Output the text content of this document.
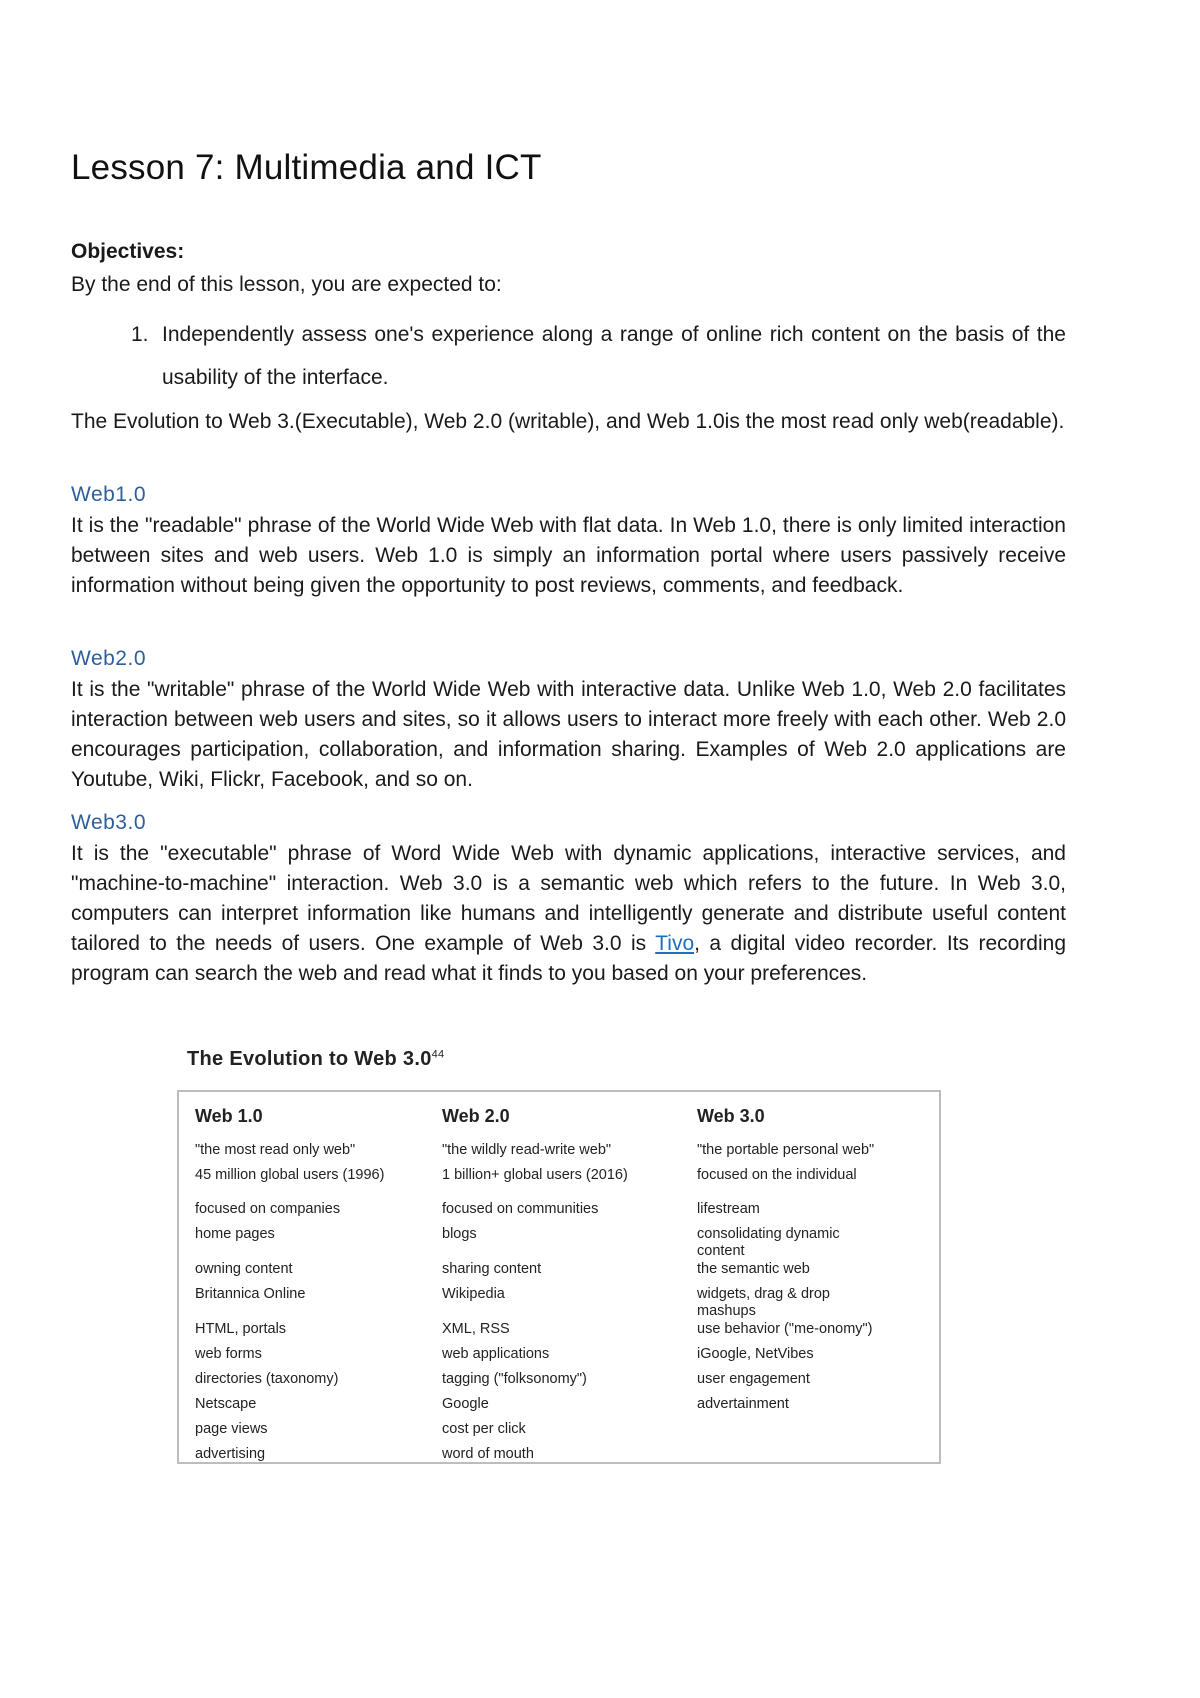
Lesson 7: Multimedia and ICT
Objectives:
By the end of this lesson, you are expected to:
1. Independently assess one's experience along a range of online rich content on the basis of the usability of the interface.
The Evolution to Web 3.(Executable), Web 2.0 (writable), and Web 1.0is the most read only web(readable).
Web1.0
It is the "readable" phrase of the World Wide Web with flat data. In Web 1.0, there is only limited interaction between sites and web users. Web 1.0 is simply an information portal where users passively receive information without being given the opportunity to post reviews, comments, and feedback.
Web2.0
It is the "writable" phrase of the World Wide Web with interactive data. Unlike Web 1.0, Web 2.0 facilitates interaction between web users and sites, so it allows users to interact more freely with each other. Web 2.0 encourages participation, collaboration, and information sharing. Examples of Web 2.0 applications are Youtube, Wiki, Flickr, Facebook, and so on.
Web3.0
It is the "executable" phrase of Word Wide Web with dynamic applications, interactive services, and "machine-to-machine" interaction. Web 3.0 is a semantic web which refers to the future. In Web 3.0, computers can interpret information like humans and intelligently generate and distribute useful content tailored to the needs of users. One example of Web 3.0 is Tivo, a digital video recorder. Its recording program can search the web and read what it finds to you based on your preferences.
The Evolution to Web $3.0^{44}$
Web 1.0
"the most read only web"
45 million global users (1996)
focused on companies
home pages
owning content
Britannica Online
HTML, portals
web forms
directories (taxonomy)
Netscape
page views
advertising
Web 2.0
"the wildly read-write web"
1 billion+ global users (2016)
focused on communities
blogs
sharing content
Wikipedia
XML, RSS
web applications
tagging ("folksonomy")
Google
cost per click
word of mouth
Web 3.0
"the portable personal web"
focused on the individual
lifestream
consolidating dynamic content
the semantic web
widgets, drag & drop mashups
use behavior ("me-onomy")
iGoogle, NetVibes
user engagement
advertainment
